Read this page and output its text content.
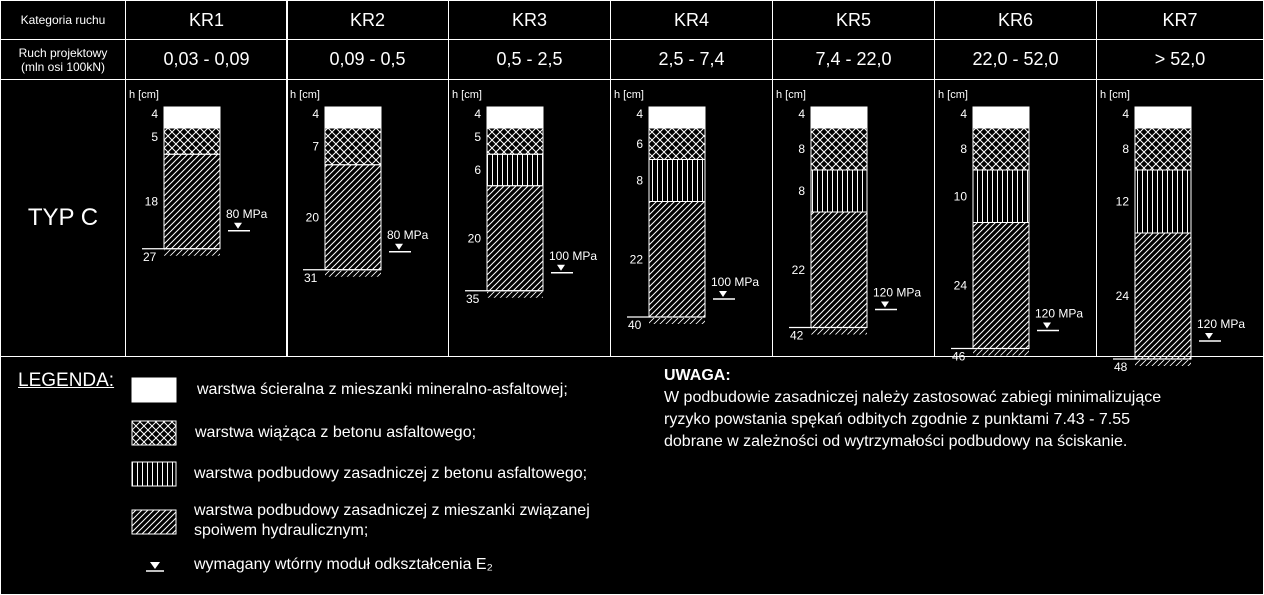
Kategoria ruchu
Ruch projektowy
(mln osi 100kN)
TYP C
KR1
0,03 - 0,09
KR2
0,09 - 0,5
KR3
0,5 - 2,5
KR4
2,5 - 7,4
KR5
7,4 - 22,0
KR6
22,0 - 52,0
KR7
> 52,0
h [cm]
4
5
18
27
80 MPa
h [cm]
4
7
20
31
80 MPa
h [cm]
4
5
6
20
35
100 MPa
h [cm]
4
6
8
22
40
100 MPa
h [cm]
4
8
8
22
42
120 MPa
h [cm]
4
8
10
24
46
120 MPa
h [cm]
4
8
12
24
48
120 MPa
LEGENDA:	warstwa ścieralna z mieszanki mineralno-asfaltowej;
warstwa wiążąca z betonu asfaltowego;
warstwa podbudowy zasadniczej z betonu asfaltowego;
warstwa podbudowy zasadniczej z mieszanki związanej
spoiwem hydraulicznym;
wymagany wtórny moduł odkształcenia E₂
UWAGA:
W podbudowie zasadniczej należy zastosować zabiegi minimalizujące
ryzyko powstania spękań odbitych zgodnie z punktami 7.43 - 7.55
dobrane w zależności od wytrzymałości podbudowy na ściskanie.
